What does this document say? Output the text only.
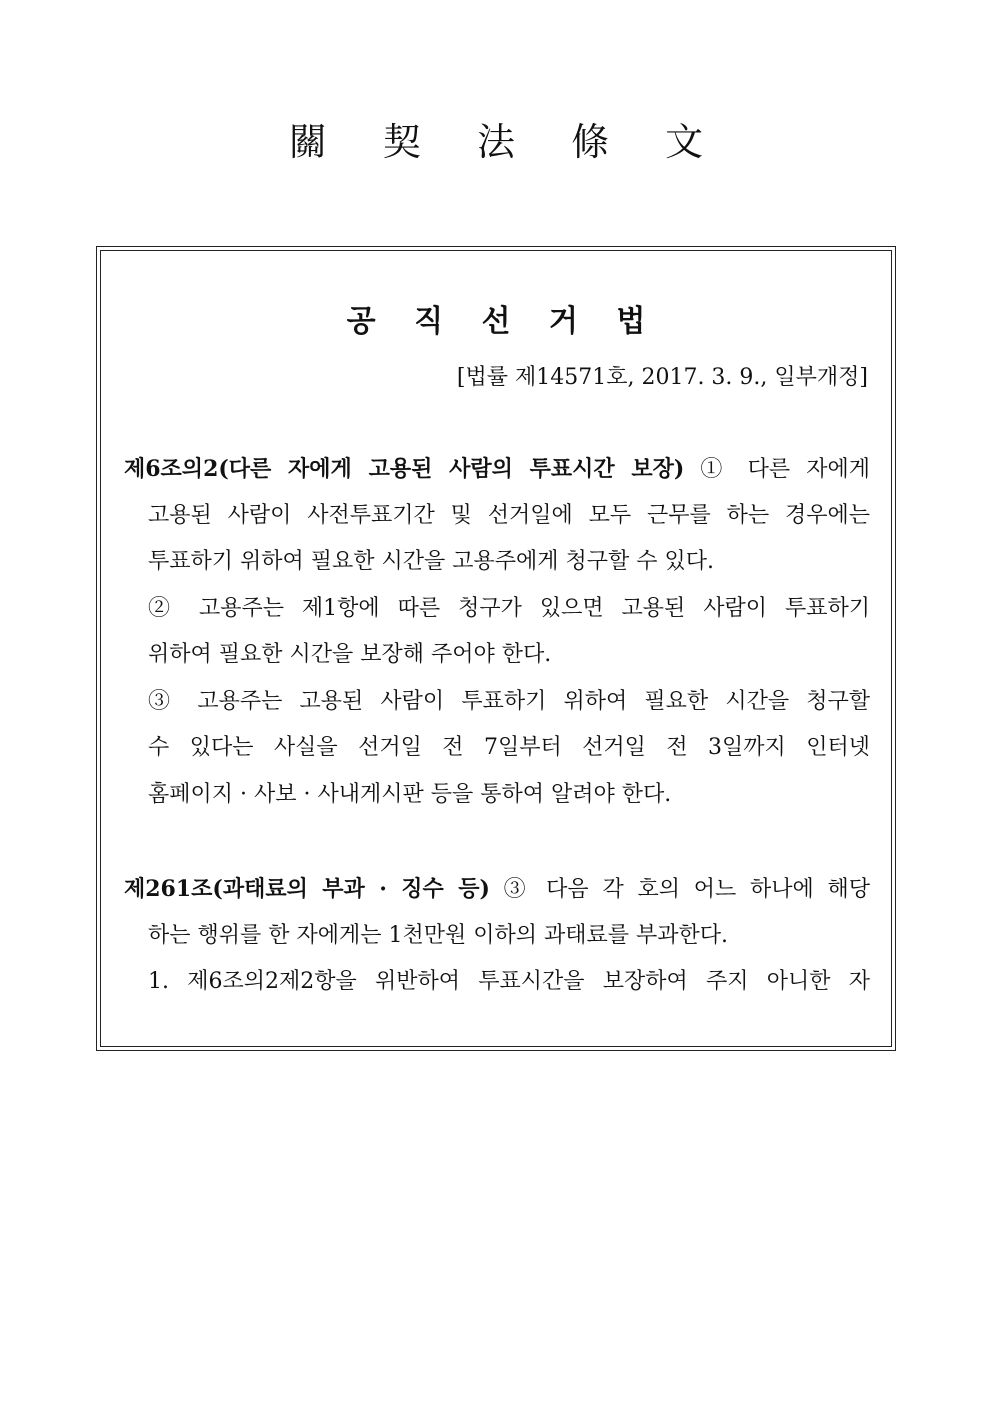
關 契 法 條 文
공 직 선 거 법

[법률 제14571호, 2017. 3. 9., 일부개정]

제6조의2(다른 자에게 고용된 사람의 투표시간 보장) ① 다른 자에게
고용된 사람이 사전투표기간 및 선거일에 모두 근무를 하는 경우에는
투표하기 위하여 필요한 시간을 고용주에게 청구할 수 있다.
② 고용주는 제1항에 따른 청구가 있으면 고용된 사람이 투표하기
위하여 필요한 시간을 보장해 주어야 한다.
③ 고용주는 고용된 사람이 투표하기 위하여 필요한 시간을 청구할
수 있다는 사실을 선거일 전 7일부터 선거일 전 3일까지 인터넷
홈페이지 · 사보 · 사내게시판 등을 통하여 알려야 한다.
제261조(과태료의 부과 · 징수 등) ③ 다음 각 호의 어느 하나에 해당
하는 행위를 한 자에게는 1천만원 이하의 과태료를 부과한다.
1. 제6조의2제2항을 위반하여 투표시간을 보장하여 주지 아니한 자
